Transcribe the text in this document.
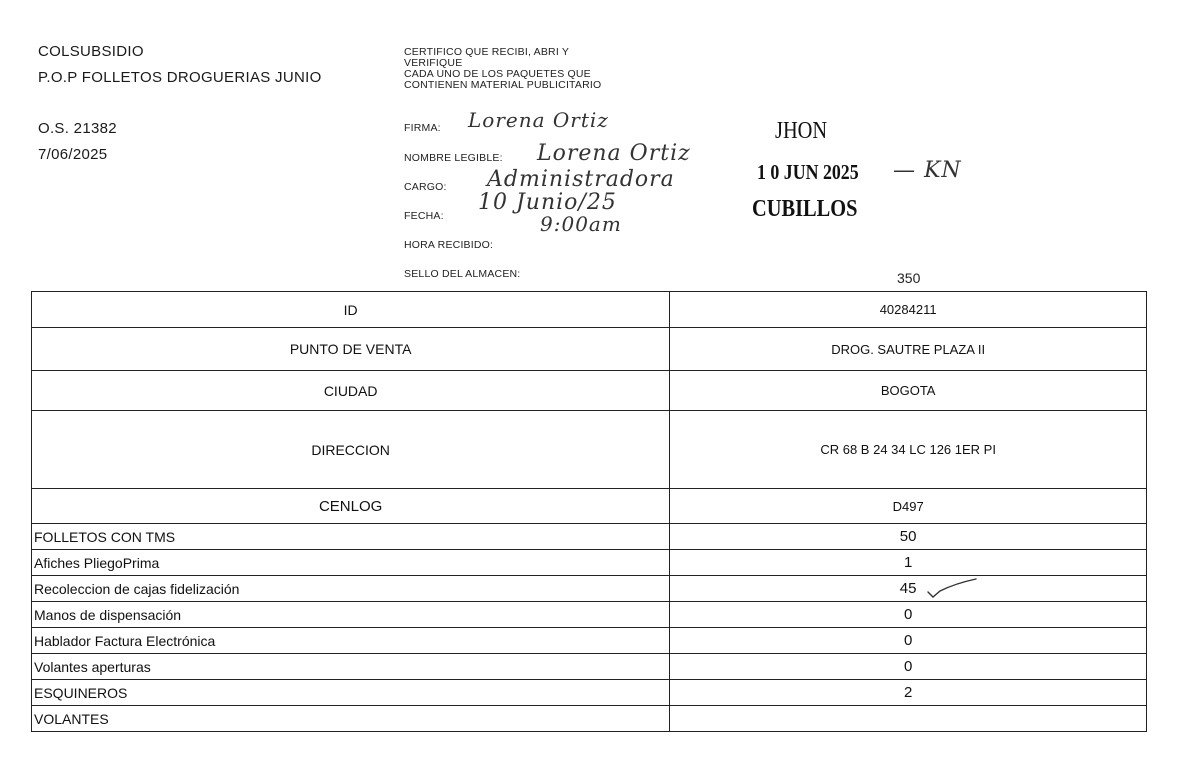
COLSUBSIDIO
P.O.P FOLLETOS DROGUERIAS JUNIO
O.S. 21382
7/06/2025
CERTIFICO QUE RECIBI, ABRI Y
VERIFIQUE
CADA UNO DE LOS PAQUETES QUE
CONTIENEN MATERIAL PUBLICITARIO
FIRMA:
NOMBRE LEGIBLE:
CARGO:
FECHA:
HORA RECIBIDO:
SELLO DEL ALMACEN:
Lorena Ortiz
Lorena Ortiz
Administradora
10 Junio/25
9:00am
— KN
JHON
1 0 JUN 2025
CUBILLOS
350
ID	40284211
PUNTO DE VENTA	DROG. SAUTRE PLAZA II
CIUDAD	BOGOTA
DIRECCION	CR 68 B 24 34 LC 126 1ER PI
CENLOG	D497
FOLLETOS CON TMS	50
Afiches PliegoPrima	1
Recoleccion de cajas fidelización	45
Manos de dispensación	0
Hablador Factura Electrónica	0
Volantes aperturas	0
ESQUINEROS	2
VOLANTES	
